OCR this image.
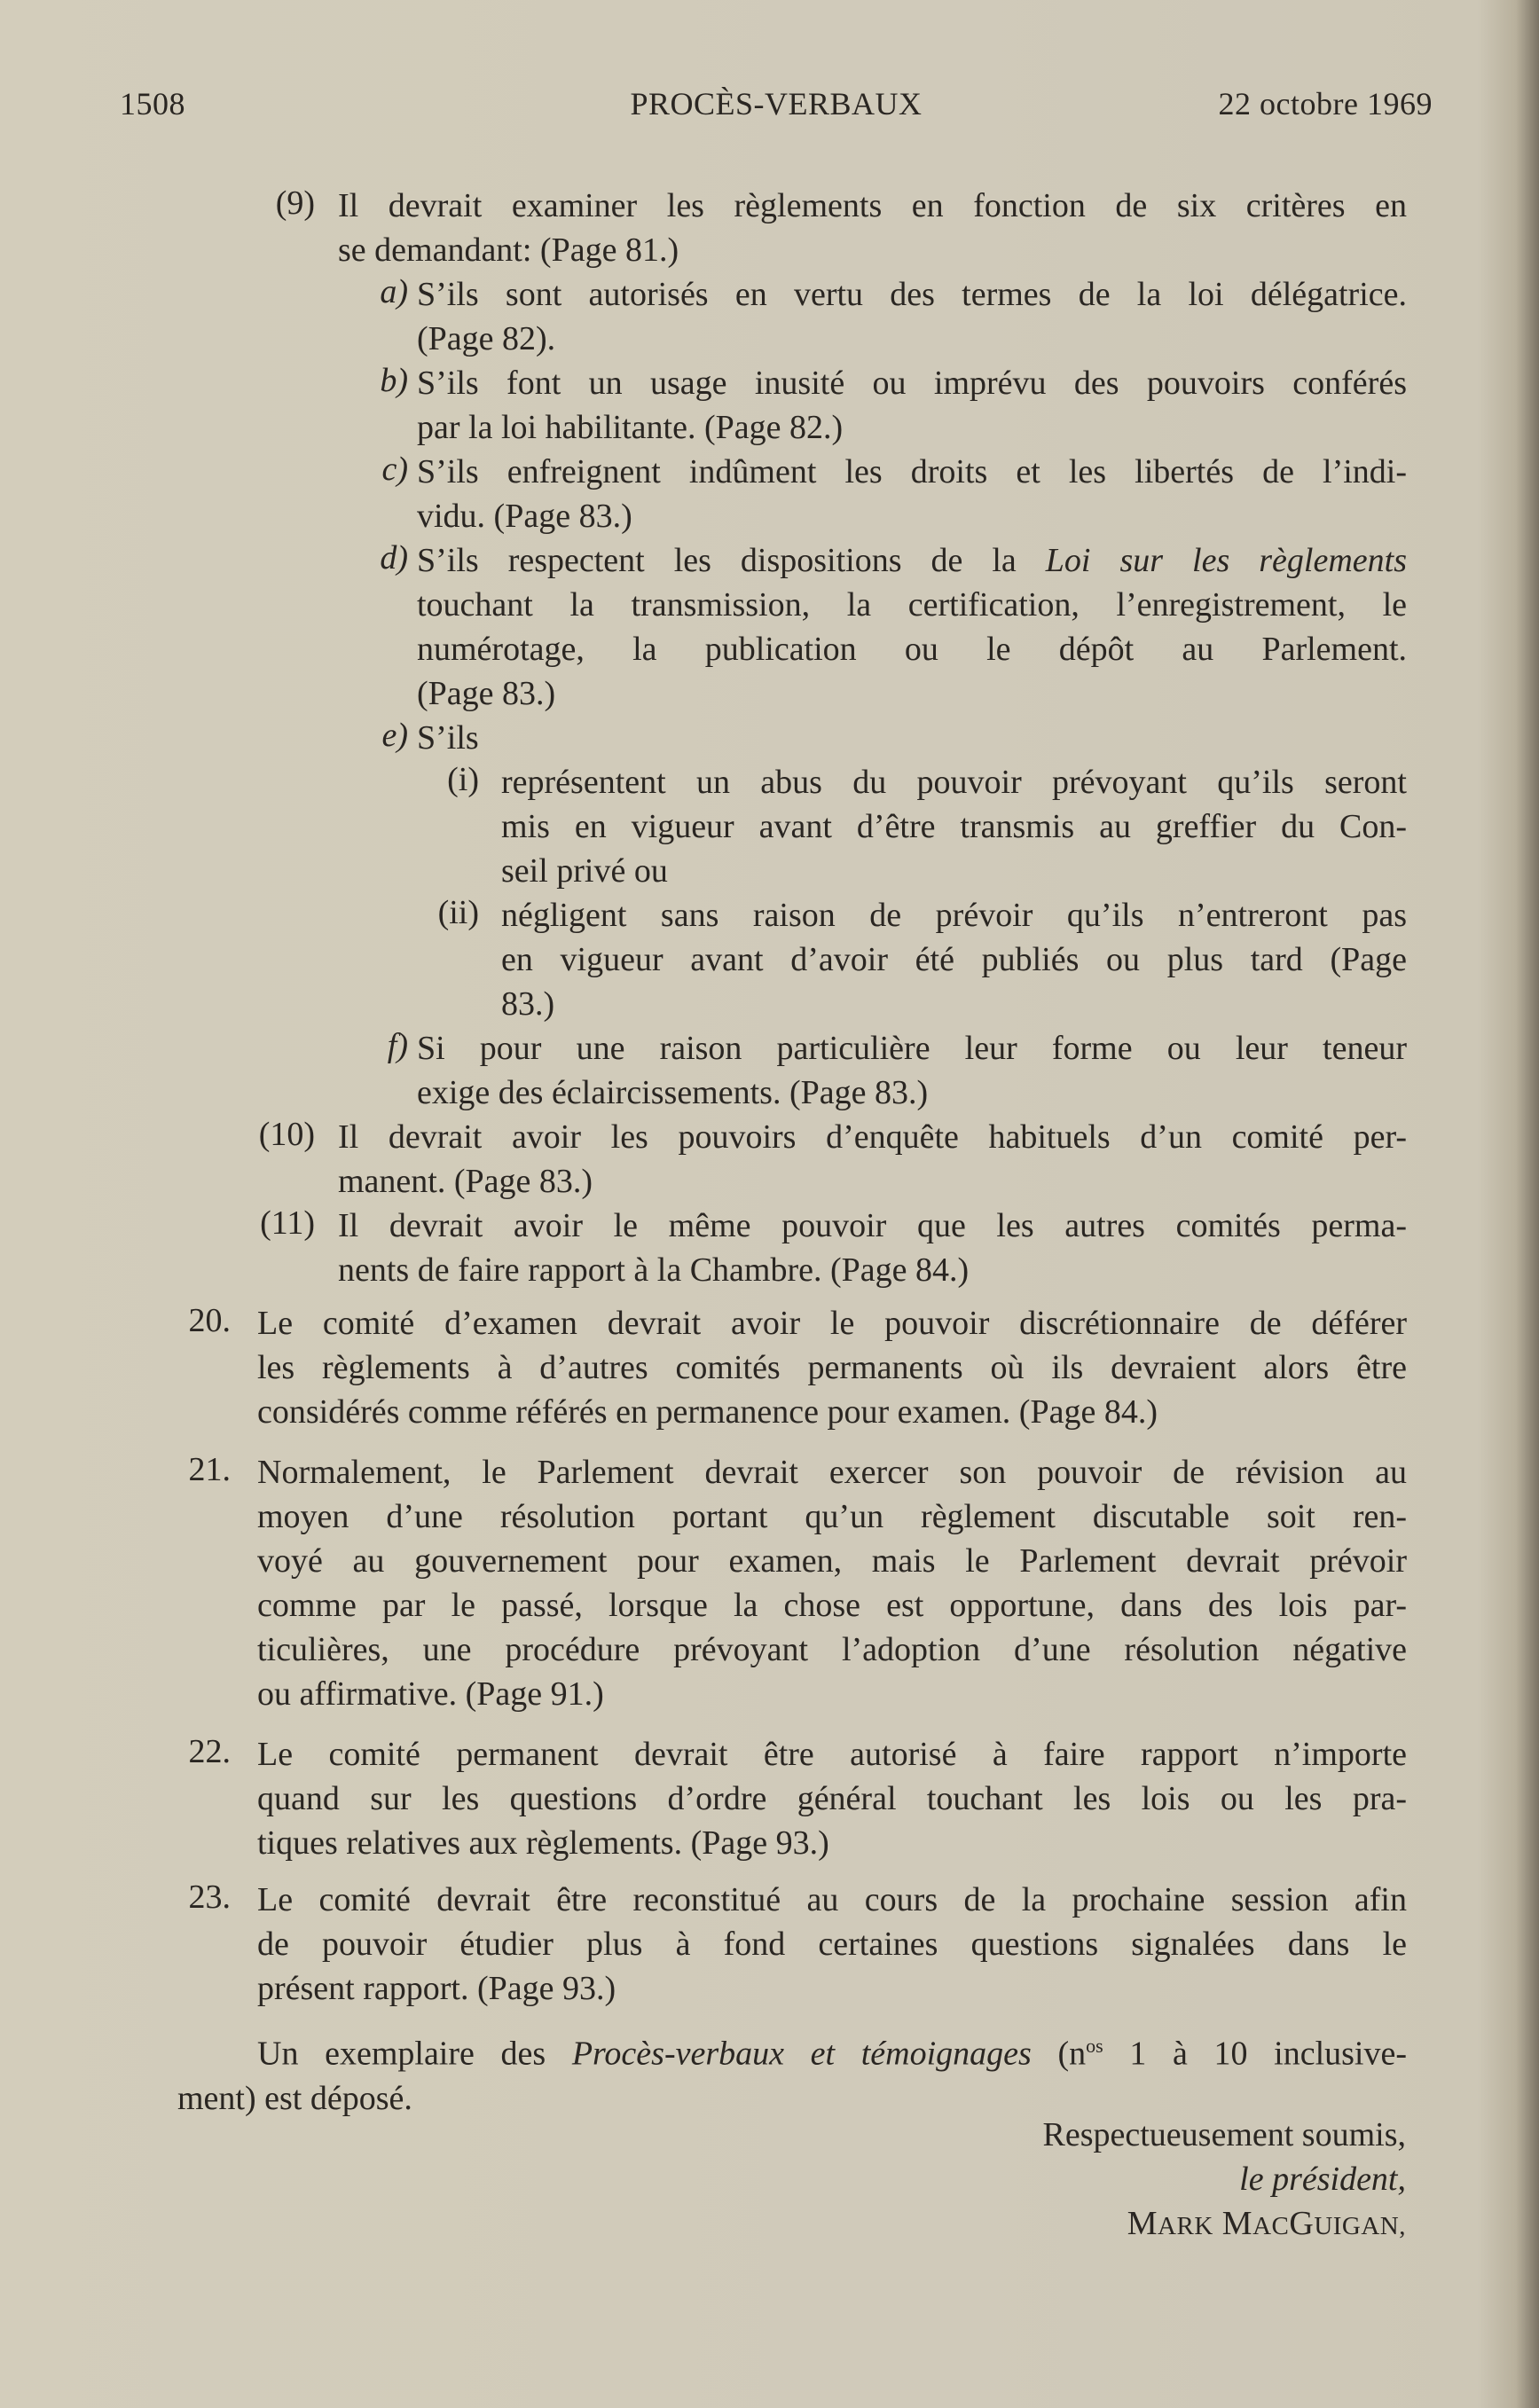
1508	PROCÈS-VERBAUX	22 octobre 1969
(9) Il devrait examiner les règlements en fonction de six critères en
se demandant: (Page 81.)
a) S’ils sont autorisés en vertu des termes de la loi délégatrice.
(Page 82).
b) S’ils font un usage inusité ou imprévu des pouvoirs conférés
par la loi habilitante. (Page 82.)
c) S’ils enfreignent indûment les droits et les libertés de l’indi-
vidu. (Page 83.)
d) S’ils respectent les dispositions de la Loi sur les règlements
touchant la transmission, la certification, l’enregistrement, le
numérotage, la publication ou le dépôt au Parlement.
(Page 83.)
e) S’ils
(i) représentent un abus du pouvoir prévoyant qu’ils seront
mis en vigueur avant d’être transmis au greffier du Con-
seil privé ou
(ii) négligent sans raison de prévoir qu’ils n’entreront pas
en vigueur avant d’avoir été publiés ou plus tard (Page
83.)
f) Si pour une raison particulière leur forme ou leur teneur
exige des éclaircissements. (Page 83.)
(10) Il devrait avoir les pouvoirs d’enquête habituels d’un comité per-
manent. (Page 83.)
(11) Il devrait avoir le même pouvoir que les autres comités perma-
nents de faire rapport à la Chambre. (Page 84.)
20. Le comité d’examen devrait avoir le pouvoir discrétionnaire de déférer
les règlements à d’autres comités permanents où ils devraient alors être
considérés comme référés en permanence pour examen. (Page 84.)
21. Normalement, le Parlement devrait exercer son pouvoir de révision au
moyen d’une résolution portant qu’un règlement discutable soit ren-
voyé au gouvernement pour examen, mais le Parlement devrait prévoir
comme par le passé, lorsque la chose est opportune, dans des lois par-
ticulières, une procédure prévoyant l’adoption d’une résolution négative
ou affirmative. (Page 91.)
22. Le comité permanent devrait être autorisé à faire rapport n’importe
quand sur les questions d’ordre général touchant les lois ou les pra-
tiques relatives aux règlements. (Page 93.)
23. Le comité devrait être reconstitué au cours de la prochaine session afin
de pouvoir étudier plus à fond certaines questions signalées dans le
présent rapport. (Page 93.)
Un exemplaire des Procès-verbaux et témoignages ($n^{os}$ 1 à 10 inclusive-
ment) est déposé.
Respectueusement soumis,
le président,
MARK MACGUIGAN,
